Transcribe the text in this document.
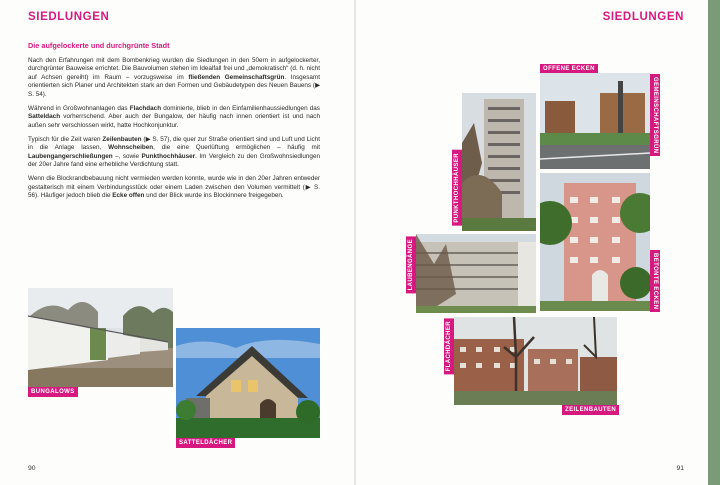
SIEDLUNGEN
Die aufgelockerte und durchgrünte Stadt

Nach den Erfahrungen mit dem Bombenkrieg wurden die Siedlungen in den 50ern in aufgelockerter, durchgrünter Bauweise errichtet. Die Bauvolumen stehen im Idealfall frei und „demokratisch“ (d. h. nicht auf Achsen gereiht) im Raum – vorzugsweise im fließenden Gemeinschaftsgrün. Insgesamt orientierten sich Planer und Architekten stark an den Formen und Gebäudetypen des Neuen Bauens (▶ S. 54).

Während in Großwohnanlagen das Flachdach dominierte, blieb in den Einfamilienhaussiedlungen das Satteldach vorherrschend. Aber auch der Bungalow, der häufig nach innen orientiert ist und nach außen sehr verschlossen wirkt, hatte Hochkonjunktur.

Typisch für die Zeit waren Zeilenbauten (▶ S. 57), die quer zur Straße orientiert sind und Luft und Licht in die Anlage lassen, Wohnscheiben, die eine Querlüftung ermöglichen – häufig mit Laubengangerschließungen –, sowie Punkthochhäuser. Im Vergleich zu den Großwohnsiedlungen der 20er Jahre fand eine erhebliche Verdichtung statt.

Wenn die Blockrandbebauung nicht vermieden werden konnte, wurde wie in den 20er Jahren entweder gestalterisch mit einem Verbindungsstück oder einem Laden zwischen den Volumen vermittelt (▶ S. 56). Häufiger jedoch blieb die Ecke offen und der Blick wurde ins Blockinnere freigegeben.

BUNGALOWS
SATTELDÄCHER
90
SIEDLUNGEN
OFFENE ECKEN
GEMEINSCHAFTSGRÜN
PUNKTHOCHHÄUSER
BETONTE ECKEN
LAUBENGÄNGE
FLACHDÄCHER
ZEILENBAUTEN
91
